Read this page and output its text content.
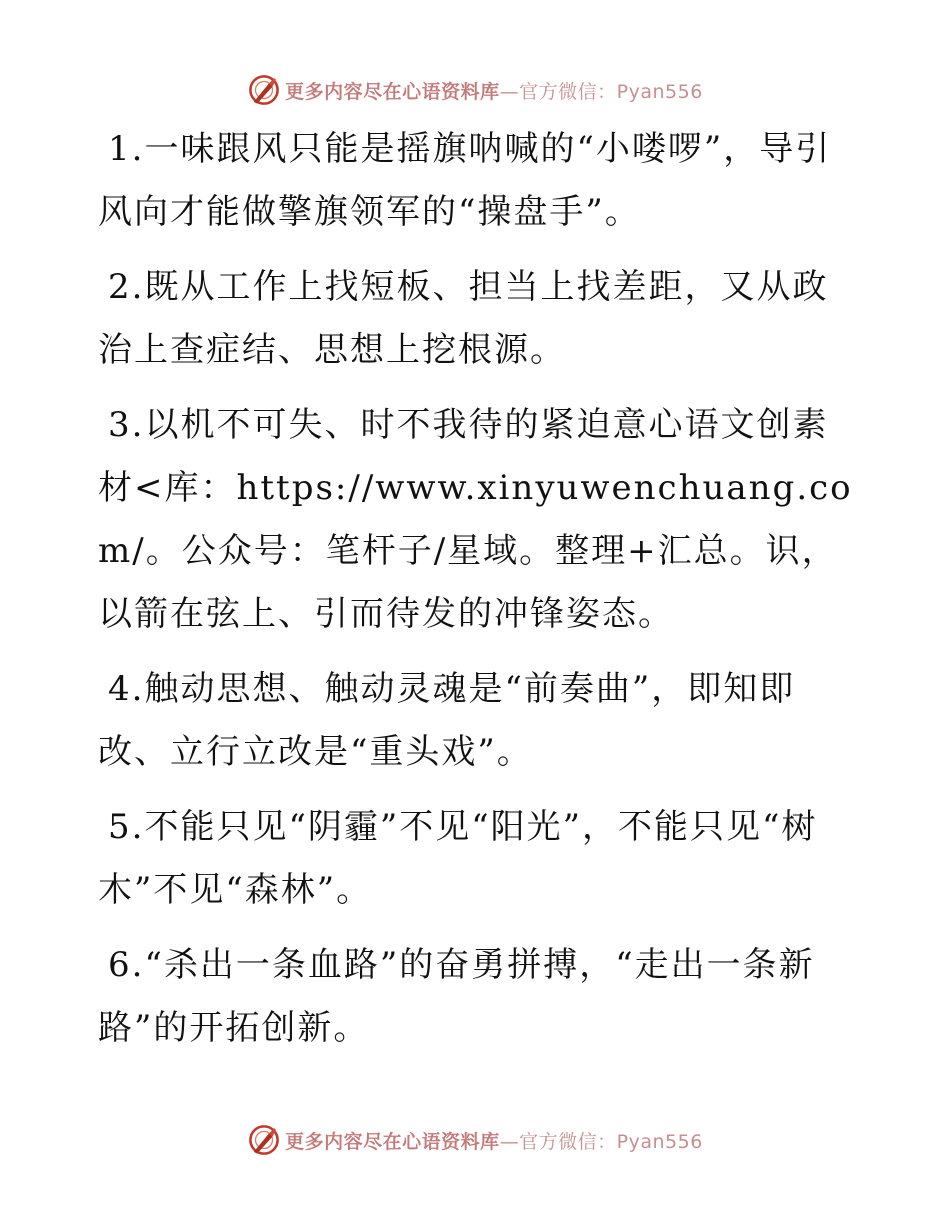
更多内容尽在心语资料库—官方微信：Pyan556

1.一味跟风只能是摇旗呐喊的“小喽啰”，导引风向才能做擎旗领军的“操盘手”。

2.既从工作上找短板、担当上找差距，又从政治上查症结、思想上挖根源。

3.以机不可失、时不我待的紧迫意心语文创素材<库：https://www.xinyuwenchuang.com/。公众号：笔杆子/星域。整理+汇总。识，以箭在弦上、引而待发的冲锋姿态。

4.触动思想、触动灵魂是“前奏曲”，即知即改、立行立改是“重头戏”。

5.不能只见“阴霾”不见“阳光”，不能只见“树木”不见“森林”。

6.“杀出一条血路”的奋勇拼搏，“走出一条新路”的开拓创新。

更多内容尽在心语资料库—官方微信：Pyan556
